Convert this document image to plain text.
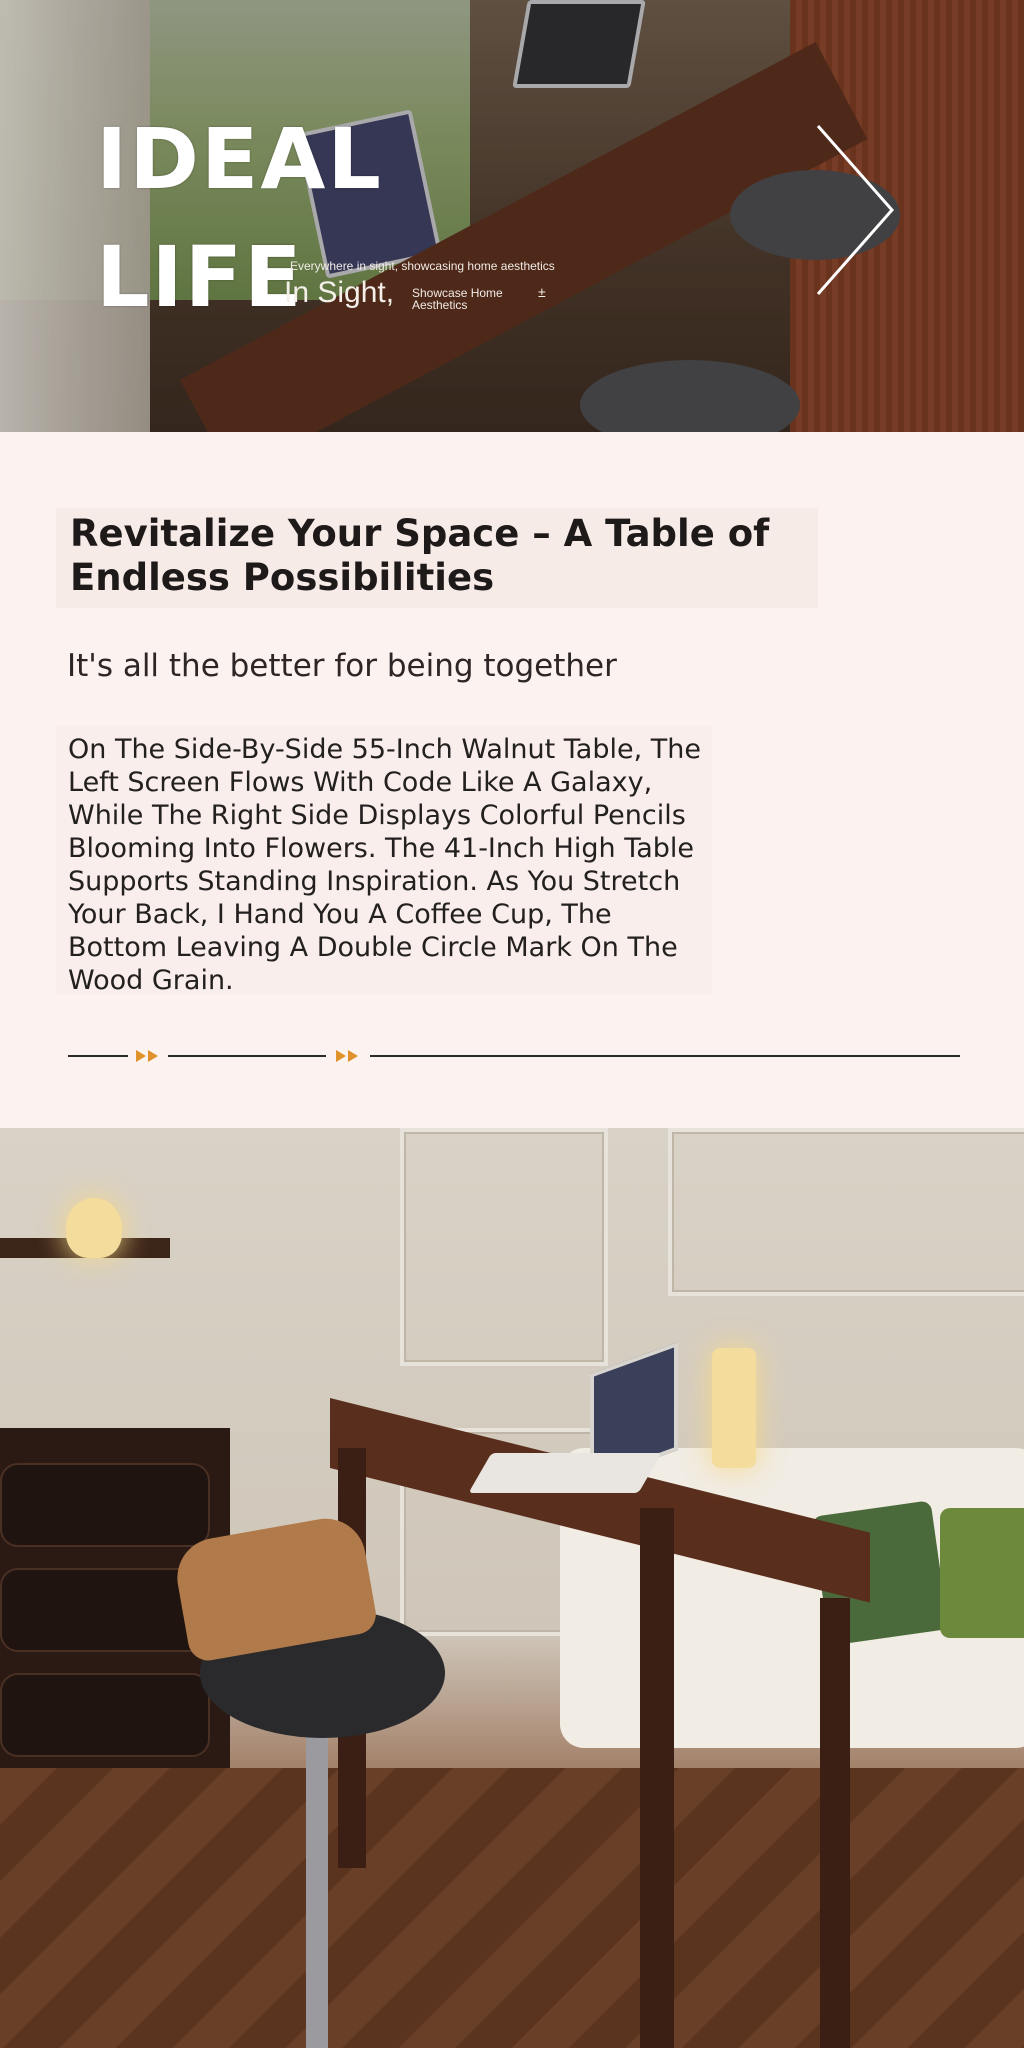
IDEAL
LIFE
Everywhere in sight, showcasing home aesthetics
In Sight, Showcase Home Aesthetics
±
Revitalize Your Space – A Table of Endless Possibilities

It's all the better for being together

On The Side-By-Side 55-Inch Walnut Table, The Left Screen Flows With Code Like A Galaxy, While The Right Side Displays Colorful Pencils Blooming Into Flowers. The 41-Inch High Table Supports Standing Inspiration. As You Stretch Your Back, I Hand You A Coffee Cup, The Bottom Leaving A Double Circle Mark On The Wood Grain.
